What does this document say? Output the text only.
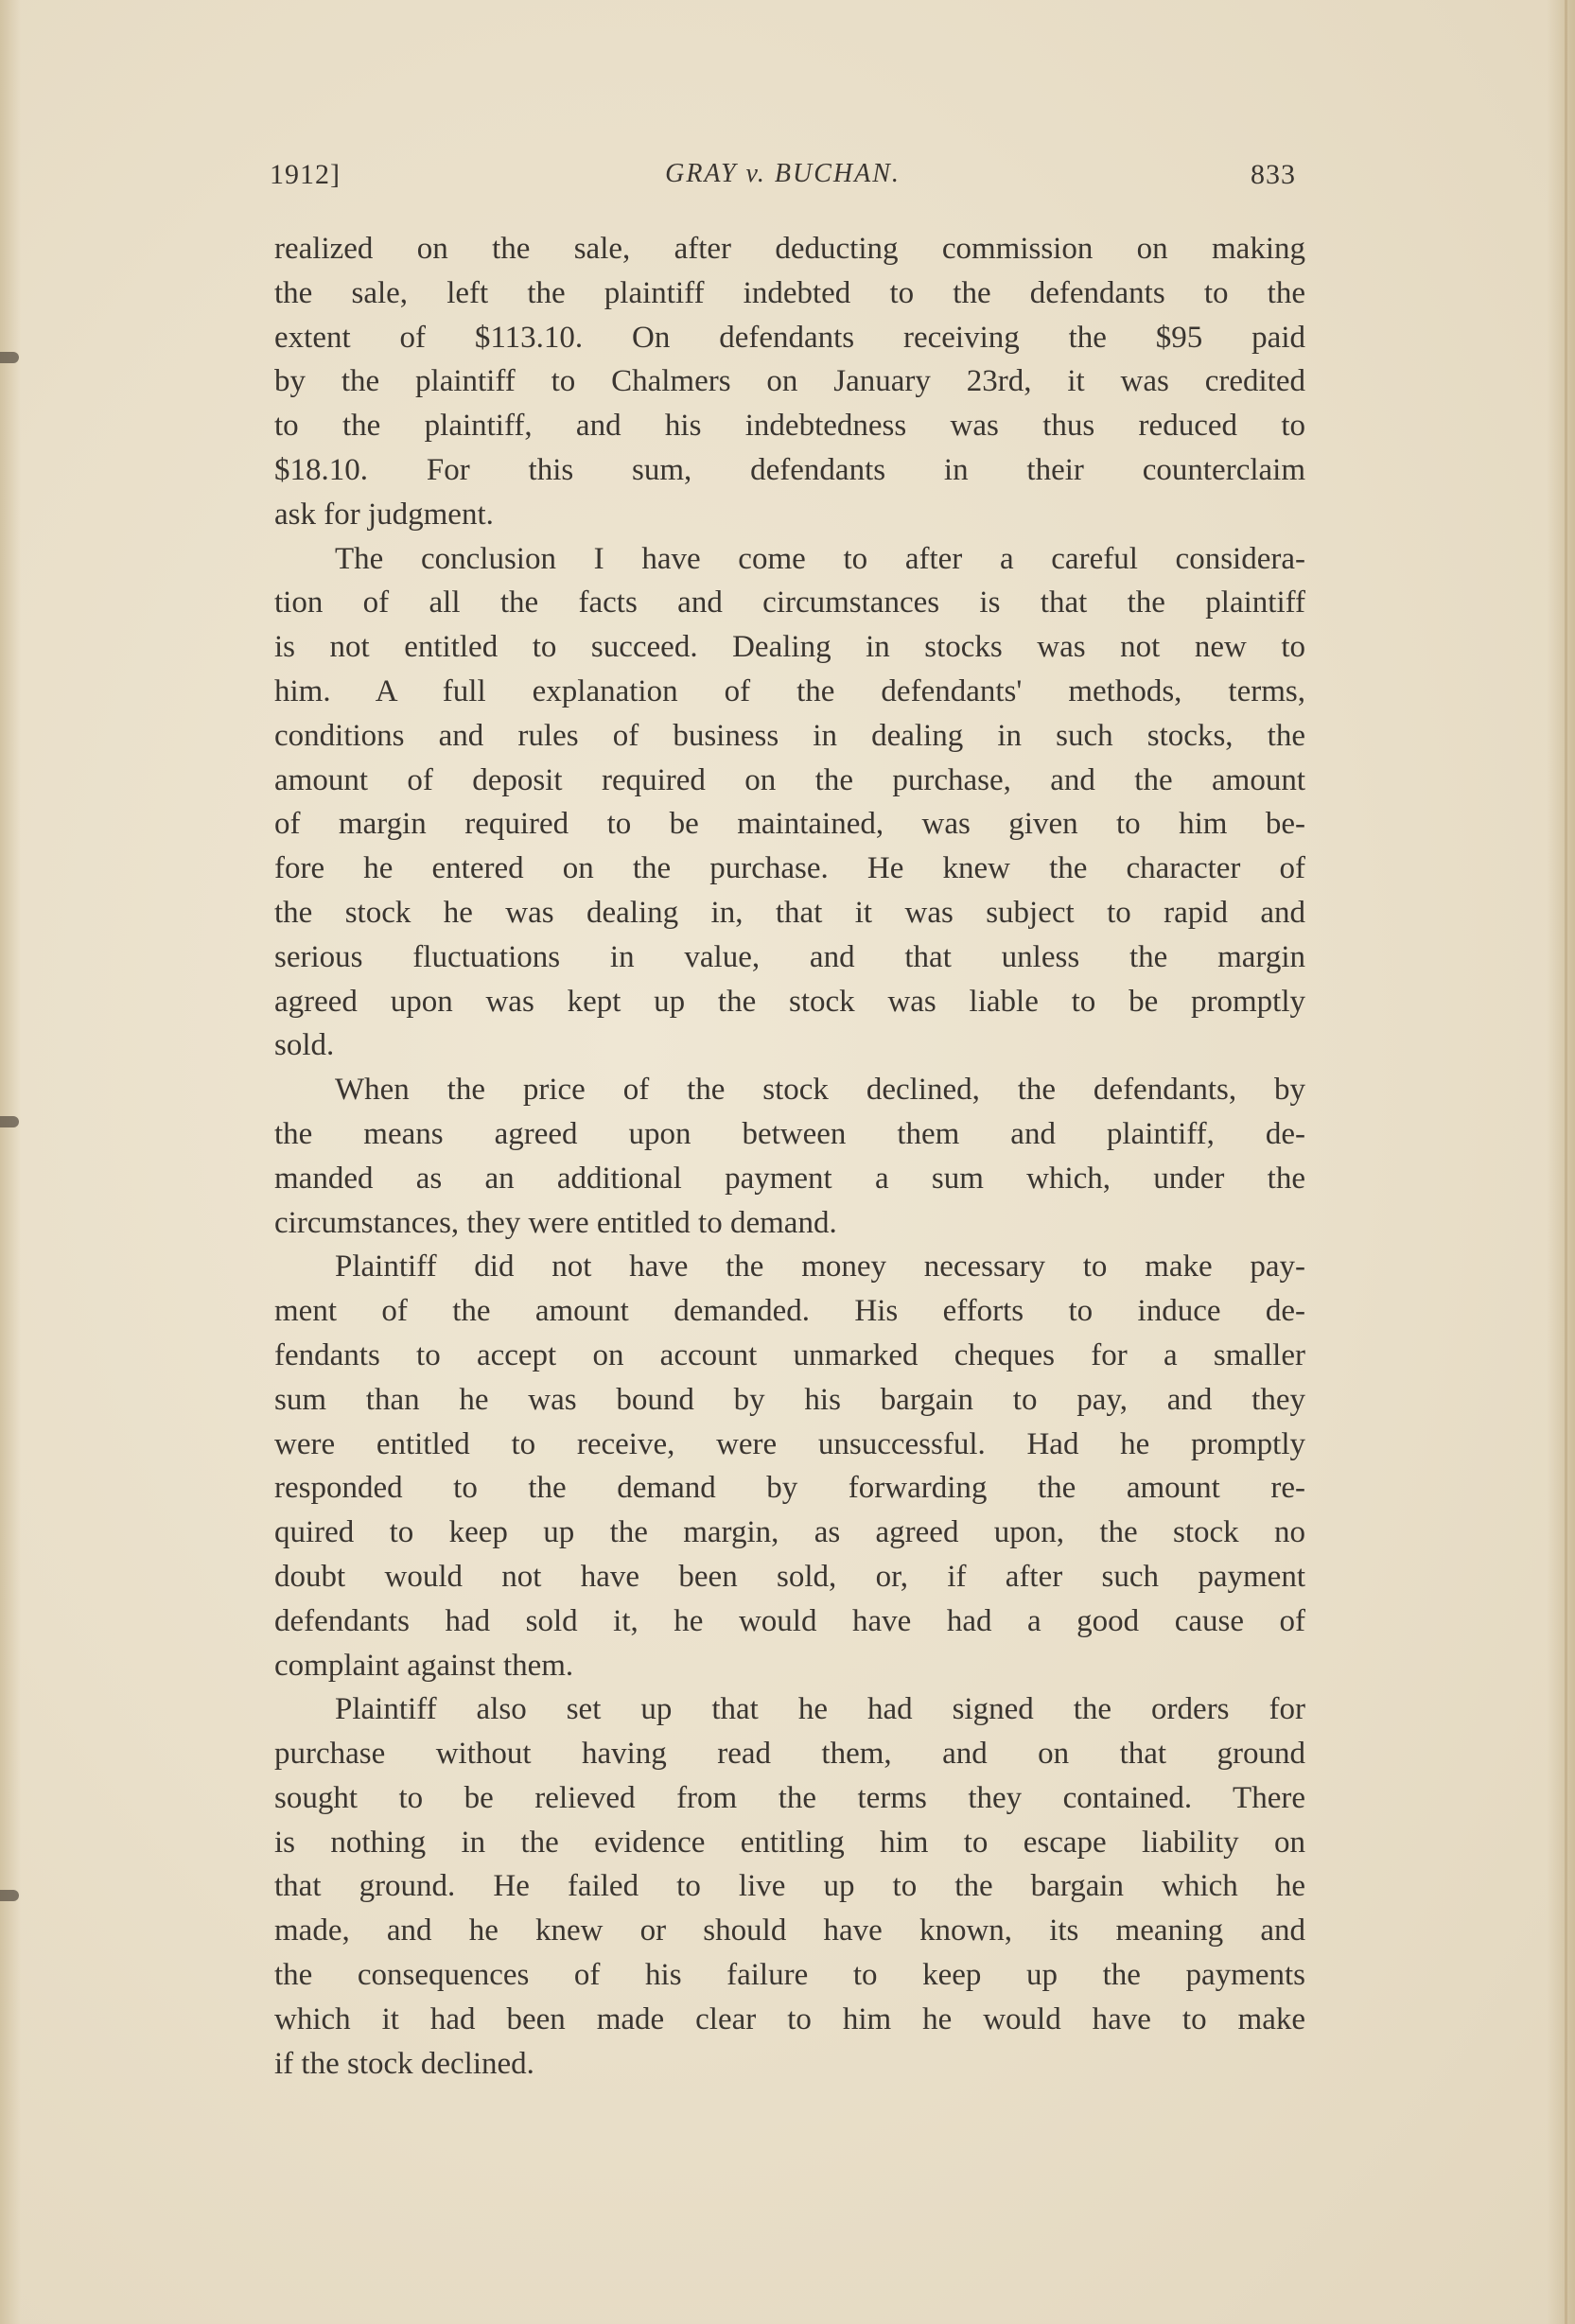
1912]	GRAY v. BUCHAN.	833

realized on the sale, after deducting commission on making
the sale, left the plaintiff indebted to the defendants to the
extent of $113.10. On defendants receiving the $95 paid
by the plaintiff to Chalmers on January 23rd, it was credited
to the plaintiff, and his indebtedness was thus reduced to
$18.10. For this sum, defendants in their counterclaim
ask for judgment.

The conclusion I have come to after a careful considera-
tion of all the facts and circumstances is that the plaintiff
is not entitled to succeed. Dealing in stocks was not new to
him. A full explanation of the defendants' methods, terms,
conditions and rules of business in dealing in such stocks, the
amount of deposit required on the purchase, and the amount
of margin required to be maintained, was given to him be-
fore he entered on the purchase. He knew the character of
the stock he was dealing in, that it was subject to rapid and
serious fluctuations in value, and that unless the margin
agreed upon was kept up the stock was liable to be promptly
sold.

When the price of the stock declined, the defendants, by
the means agreed upon between them and plaintiff, de-
manded as an additional payment a sum which, under the
circumstances, they were entitled to demand.

Plaintiff did not have the money necessary to make pay-
ment of the amount demanded. His efforts to induce de-
fendants to accept on account unmarked cheques for a smaller
sum than he was bound by his bargain to pay, and they
were entitled to receive, were unsuccessful. Had he promptly
responded to the demand by forwarding the amount re-
quired to keep up the margin, as agreed upon, the stock no
doubt would not have been sold, or, if after such payment
defendants had sold it, he would have had a good cause of
complaint against them.

Plaintiff also set up that he had signed the orders for
purchase without having read them, and on that ground
sought to be relieved from the terms they contained. There
is nothing in the evidence entitling him to escape liability on
that ground. He failed to live up to the bargain which he
made, and he knew or should have known, its meaning and
the consequences of his failure to keep up the payments
which it had been made clear to him he would have to make
if the stock declined.
